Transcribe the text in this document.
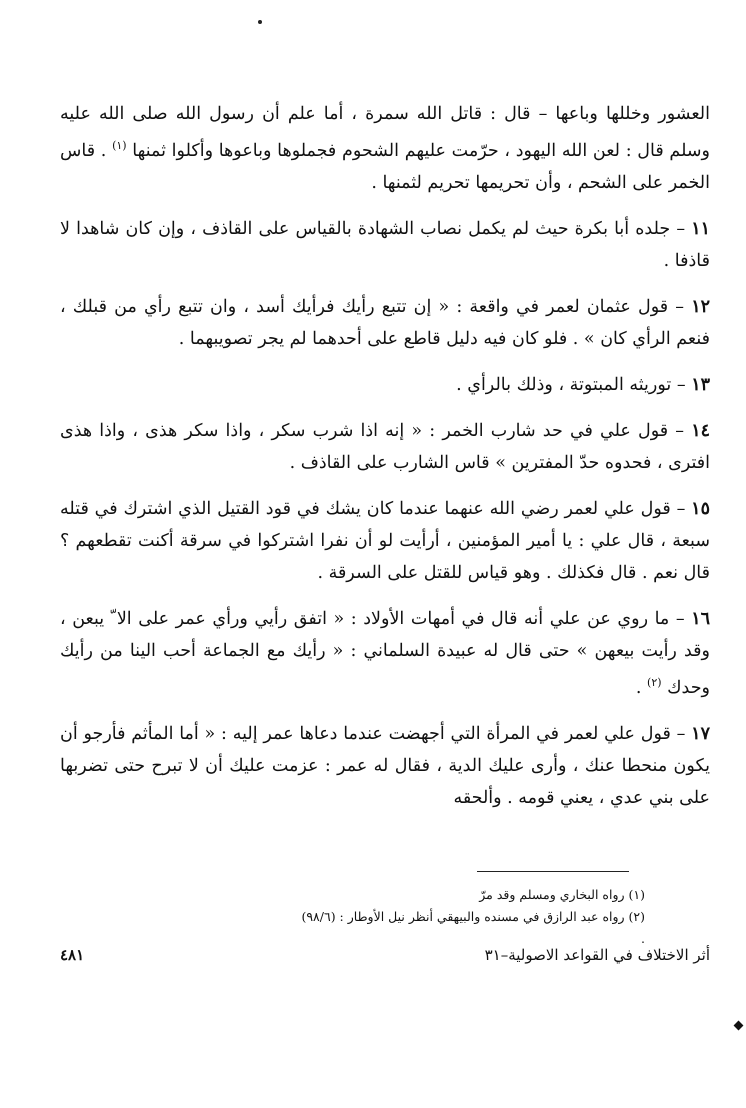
العشور وخللها وباعها – قال : قاتل الله سمرة ، أما علم أن رسول الله صلى الله عليه وسلم قال : لعن الله اليهود ، حرّمت عليهم الشحوم فجملوها وباعوها وأكلوا ثمنها $^{(١)}$ . قاس الخمر على الشحم ، وأن تحريمها تحريم لثمنها .

١١ – جلده أبا بكرة حيث لم يكمل نصاب الشهادة بالقياس على القاذف ، وإن كان شاهدا لا قاذفا .

١٢ – قول عثمان لعمر في واقعة : « إن تتبع رأيك فرأيك أسد ، وان تتبع رأي من قبلك ، فنعم الرأي كان » . فلو كان فيه دليل قاطع على أحدهما لم يجر تصويبهما .

١٣ – توريثه المبتوتة ، وذلك بالرأي .

١٤ – قول علي في حد شارب الخمر : « إنه اذا شرب سكر ، واذا سكر هذى ، واذا هذى افترى ، فحدوه حدّ المفترين » قاس الشارب على القاذف .

١٥ – قول علي لعمر رضي الله عنهما عندما كان يشك في قود القتيل الذي اشترك في قتله سبعة ، قال علي : يا أمير المؤمنين ، أرأيت لو أن نفرا اشتركوا في سرقة أكنت تقطعهم ؟ قال نعم . قال فكذلك . وهو قياس للقتل على السرقة .

١٦ – ما روي عن علي أنه قال في أمهات الأولاد : « اتفق رأيي ورأي عمر على الا ّ يبعن ، وقد رأيت بيعهن » حتى قال له عبيدة السلماني : « رأيك مع الجماعة أحب الينا من رأيك وحدك $^{(٢)}$ .

١٧ – قول علي لعمر في المرأة التي أجهضت عندما دعاها عمر إليه : « أما المأثم فأرجو أن يكون منحطا عنك ، وأرى عليك الدية ، فقال له عمر : عزمت عليك أن لا تبرح حتى تضربها على بني عدي ، يعني قومه . وألحقه

(١) رواه البخاري ومسلم وقد مرّ
(٢) رواه عبد الرازق في مسنده والبيهقي أنظر نيل الأوطار : (٩٨/٦) .
أثر الاختلاف في القواعد الاصولية–٣١
٤٨١
